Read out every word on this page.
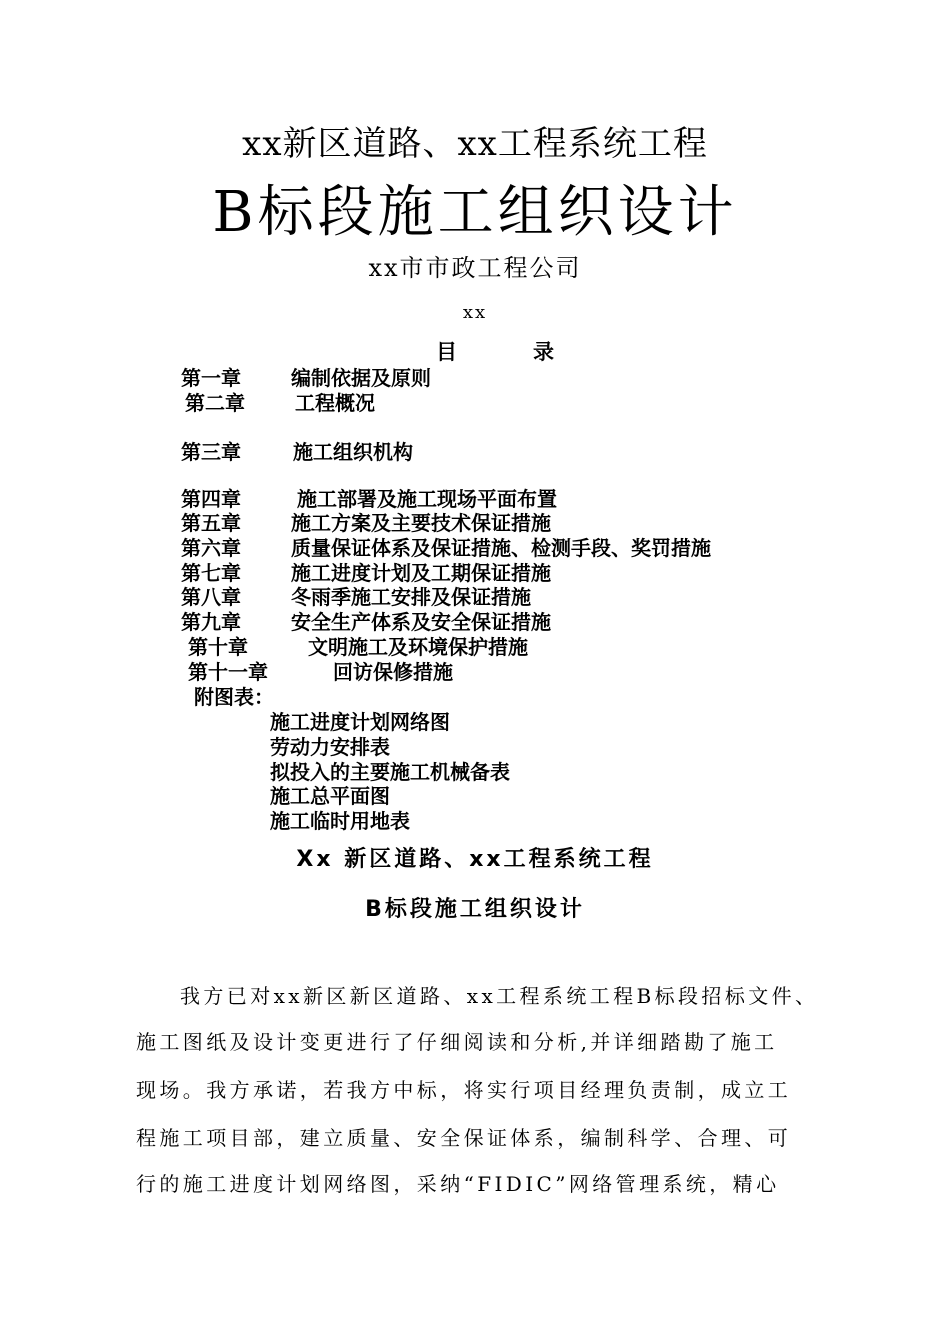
xx新区道路、xx工程系统工程
B标段施工组织设计
xx市市政工程公司
xx
目	录
第一章	编制依据及原则
第二章	工程概况
第三章	施工组织机构
第四章	施工部署及施工现场平面布置
第五章	施工方案及主要技术保证措施
第六章	质量保证体系及保证措施、检测手段、奖罚措施
第七章	施工进度计划及工期保证措施
第八章	冬雨季施工安排及保证措施
第九章	安全生产体系及安全保证措施
第十章	文明施工及环境保护措施
第十一章	回访保修措施
附图表：
施工进度计划网络图
劳动力安排表
拟投入的主要施工机械备表
施工总平面图
施工临时用地表
Xx 新区道路、xx工程系统工程
B标段施工组织设计
我方已对xx新区新区道路、xx工程系统工程B标段招标文件、
施工图纸及设计变更进行了仔细阅读和分析,并详细踏勘了施工
现场。我方承诺，若我方中标，将实行项目经理负责制，成立工
程施工项目部，建立质量、安全保证体系，编制科学、合理、可
行的施工进度计划网络图，采纳“FIDIC”网络管理系统，精心
